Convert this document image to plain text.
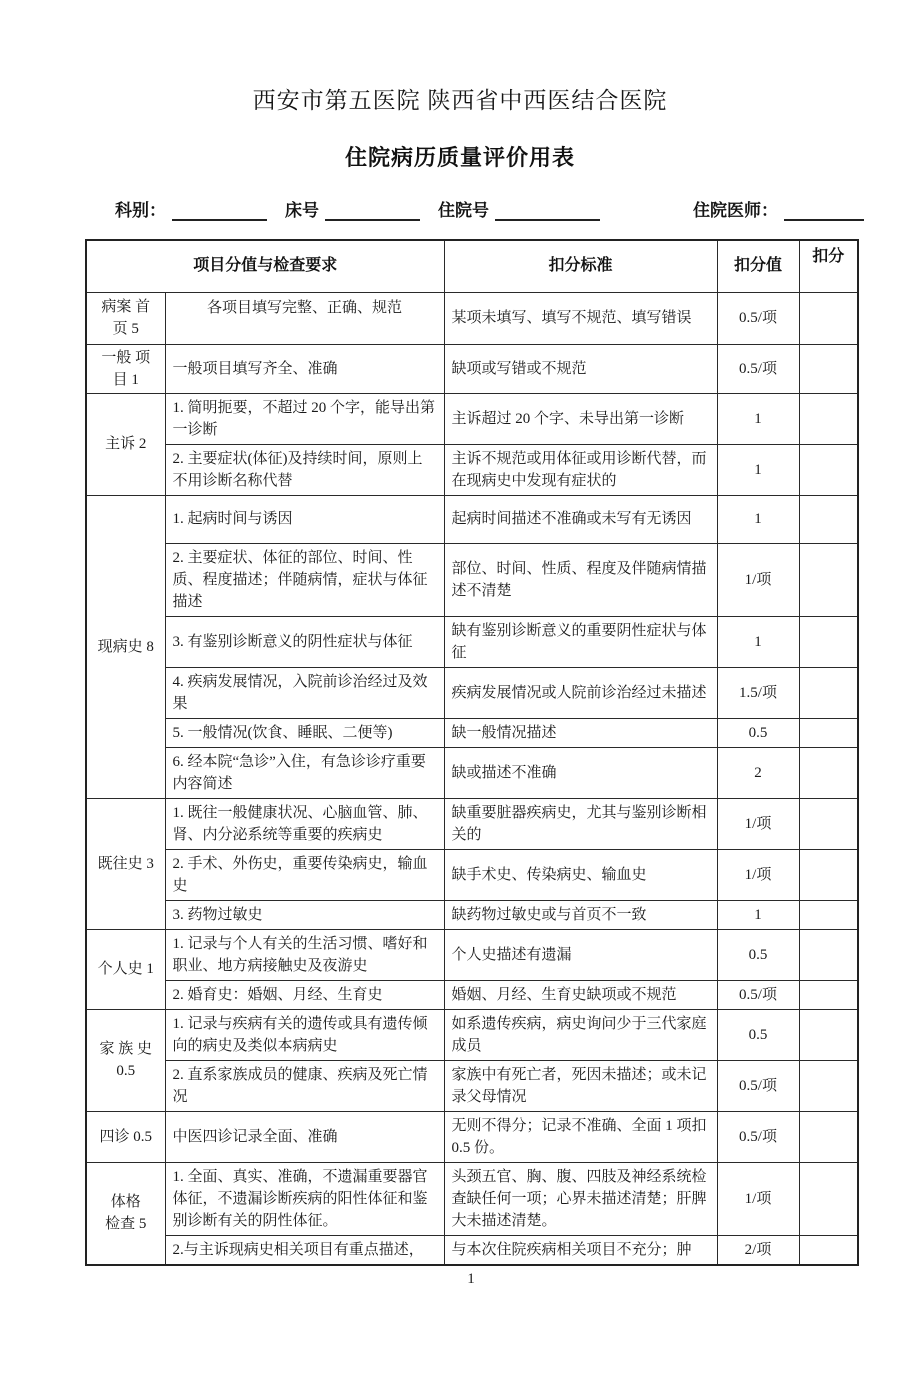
西安市第五医院 陕西省中西医结合医院
住院病历质量评价用表
科别：	床号	住院号	住院医师：
项目分值与检查要求		扣分标准	扣分值	扣分

病案 首
页 5	各项目填写完整、正确、规范	某项未填写、填写不规范、填写错误	0.5/项	

一般 项
目 1	一般项目填写齐全、准确	缺项或写错或不规范	0.5/项	

主诉 2	1. 简明扼要，不超过 20 个字，能导出第一诊断	主诉超过 20 个字、未导出第一诊断	1	
	2. 主要症状(体征)及持续时间，原则上不用诊断名称代替	主诉不规范或用体征或用诊断代替，而在现病史中发现有症状的	1	

现病史 8	1. 起病时间与诱因	起病时间描述不准确或未写有无诱因	1	
	2. 主要症状、体征的部位、时间、性质、程度描述；伴随病情，症状与体征描述	部位、时间、性质、程度及伴随病情描述不清楚	1/项	
	3. 有鉴别诊断意义的阴性症状与体征	缺有鉴别诊断意义的重要阴性症状与体征	1	
	4. 疾病发展情况，入院前诊治经过及效果	疾病发展情况或人院前诊治经过未描述	1.5/项	
	5. 一般情况(饮食、睡眠、二便等)	缺一般情况描述	0.5	
	6. 经本院“急诊”入住，有急诊诊疗重要内容简述	缺或描述不准确	2	

既往史 3	1. 既往一般健康状况、心脑血管、肺、肾、内分泌系统等重要的疾病史	缺重要脏器疾病史，尤其与鉴别诊断相关的	1/项	
	2. 手术、外伤史，重要传染病史，输血史	缺手术史、传染病史、输血史	1/项	
	3. 药物过敏史	缺药物过敏史或与首页不一致	1	

个人史 1	1. 记录与个人有关的生活习惯、嗜好和职业、地方病接触史及夜游史	个人史描述有遗漏	0.5	
	2. 婚育史：婚姻、月经、生育史	婚姻、月经、生育史缺项或不规范	0.5/项	

家 族 史
0.5	1. 记录与疾病有关的遗传或具有遗传倾向的病史及类似本病病史	如系遗传疾病，病史询问少于三代家庭成员	0.5	
	2. 直系家族成员的健康、疾病及死亡情况	家族中有死亡者，死因未描述；或未记录父母情况	0.5/项	

四诊 0.5	中医四诊记录全面、准确	无则不得分；记录不准确、全面 1 项扣 0.5 份。	0.5/项	

体格
检查 5	1. 全面、真实、准确，不遗漏重要器官体征，不遗漏诊断疾病的阳性体征和鉴别诊断有关的阴性体征。	头颈五官、胸、腹、四肢及神经系统检查缺任何一项；心界未描述清楚；肝脾大未描述清楚。	1/项	
	2.与主诉现病史相关项目有重点描述，	与本次住院疾病相关项目不充分；肿	2/项	
1
